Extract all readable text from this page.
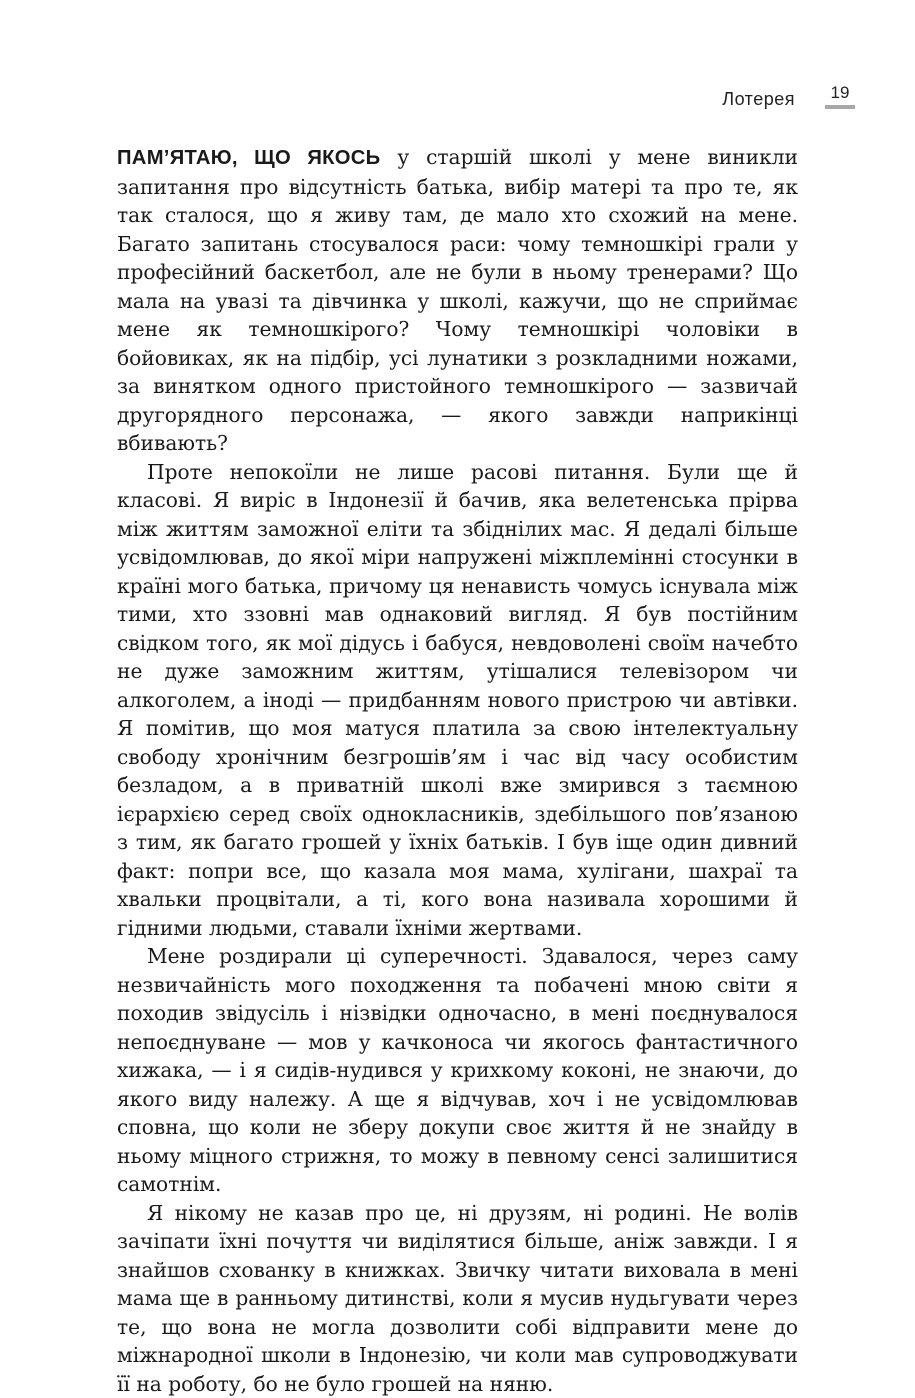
Лотерея 19

ПАМ’ЯТАЮ, ЩО ЯКОСЬ у старшій школі у мене виникли запитання про відсутність батька, вибір матері та про те, як так сталося, що я живу там, де мало хто схожий на мене. Багато запитань стосувалося раси: чому темношкірі грали у професійний баскетбол, але не були в ньому тренерами? Що мала на увазі та дівчинка у школі, кажучи, що не сприймає мене як темношкірого? Чому темношкірі чоловіки в бойовиках, як на підбір, усі лунатики з розкладними ножами, за винятком одного пристойного темношкірого — зазвичай другорядного персонажа, — якого завжди наприкінці вбивають?

Проте непокоїли не лише расові питання. Були ще й класові. Я виріс в Індонезії й бачив, яка велетенська прірва між життям заможної еліти та збіднілих мас. Я дедалі більше усвідомлював, до якої міри напружені міжплемінні стосунки в країні мого батька, причому ця ненависть чомусь існувала між тими, хто ззовні мав однаковий вигляд. Я був постійним свідком того, як мої дідусь і бабуся, невдоволені своїм начебто не дуже заможним життям, утішалися телевізором чи алкоголем, а іноді — придбанням нового пристрою чи автівки. Я помітив, що моя матуся платила за свою інтелектуальну свободу хронічним безгрошів’ям і час від часу особистим безладом, а в приватній школі вже змирився з таємною ієрархією серед своїх однокласників, здебільшого пов’язаною з тим, як багато грошей у їхніх батьків. І був іще один дивний факт: попри все, що казала моя мама, хулігани, шахраї та хвальки процвітали, а ті, кого вона називала хорошими й гідними людьми, ставали їхніми жертвами.

Мене роздирали ці суперечності. Здавалося, через саму незвичайність мого походження та побачені мною світи я походив звідусіль і нізвідки одночасно, в мені поєднувалося непоєднуване — мов у качконоса чи якогось фантастичного хижака, — і я сидів-нудився у крихкому коконі, не знаючи, до якого виду належу. А ще я відчував, хоч і не усвідомлював сповна, що коли не зберу докупи своє життя й не знайду в ньому міцного стрижня, то можу в певному сенсі залишитися самотнім.

Я нікому не казав про це, ні друзям, ні родині. Не волів зачіпати їхні почуття чи виділятися більше, аніж завжди. І я знайшов схованку в книжках. Звичку читати виховала в мені мама ще в ранньому дитинстві, коли я мусив нудьгувати через те, що вона не могла дозволити собі відправити мене до міжнародної школи в Індонезію, чи коли мав супроводжувати її на роботу, бо не було грошей на няню.
